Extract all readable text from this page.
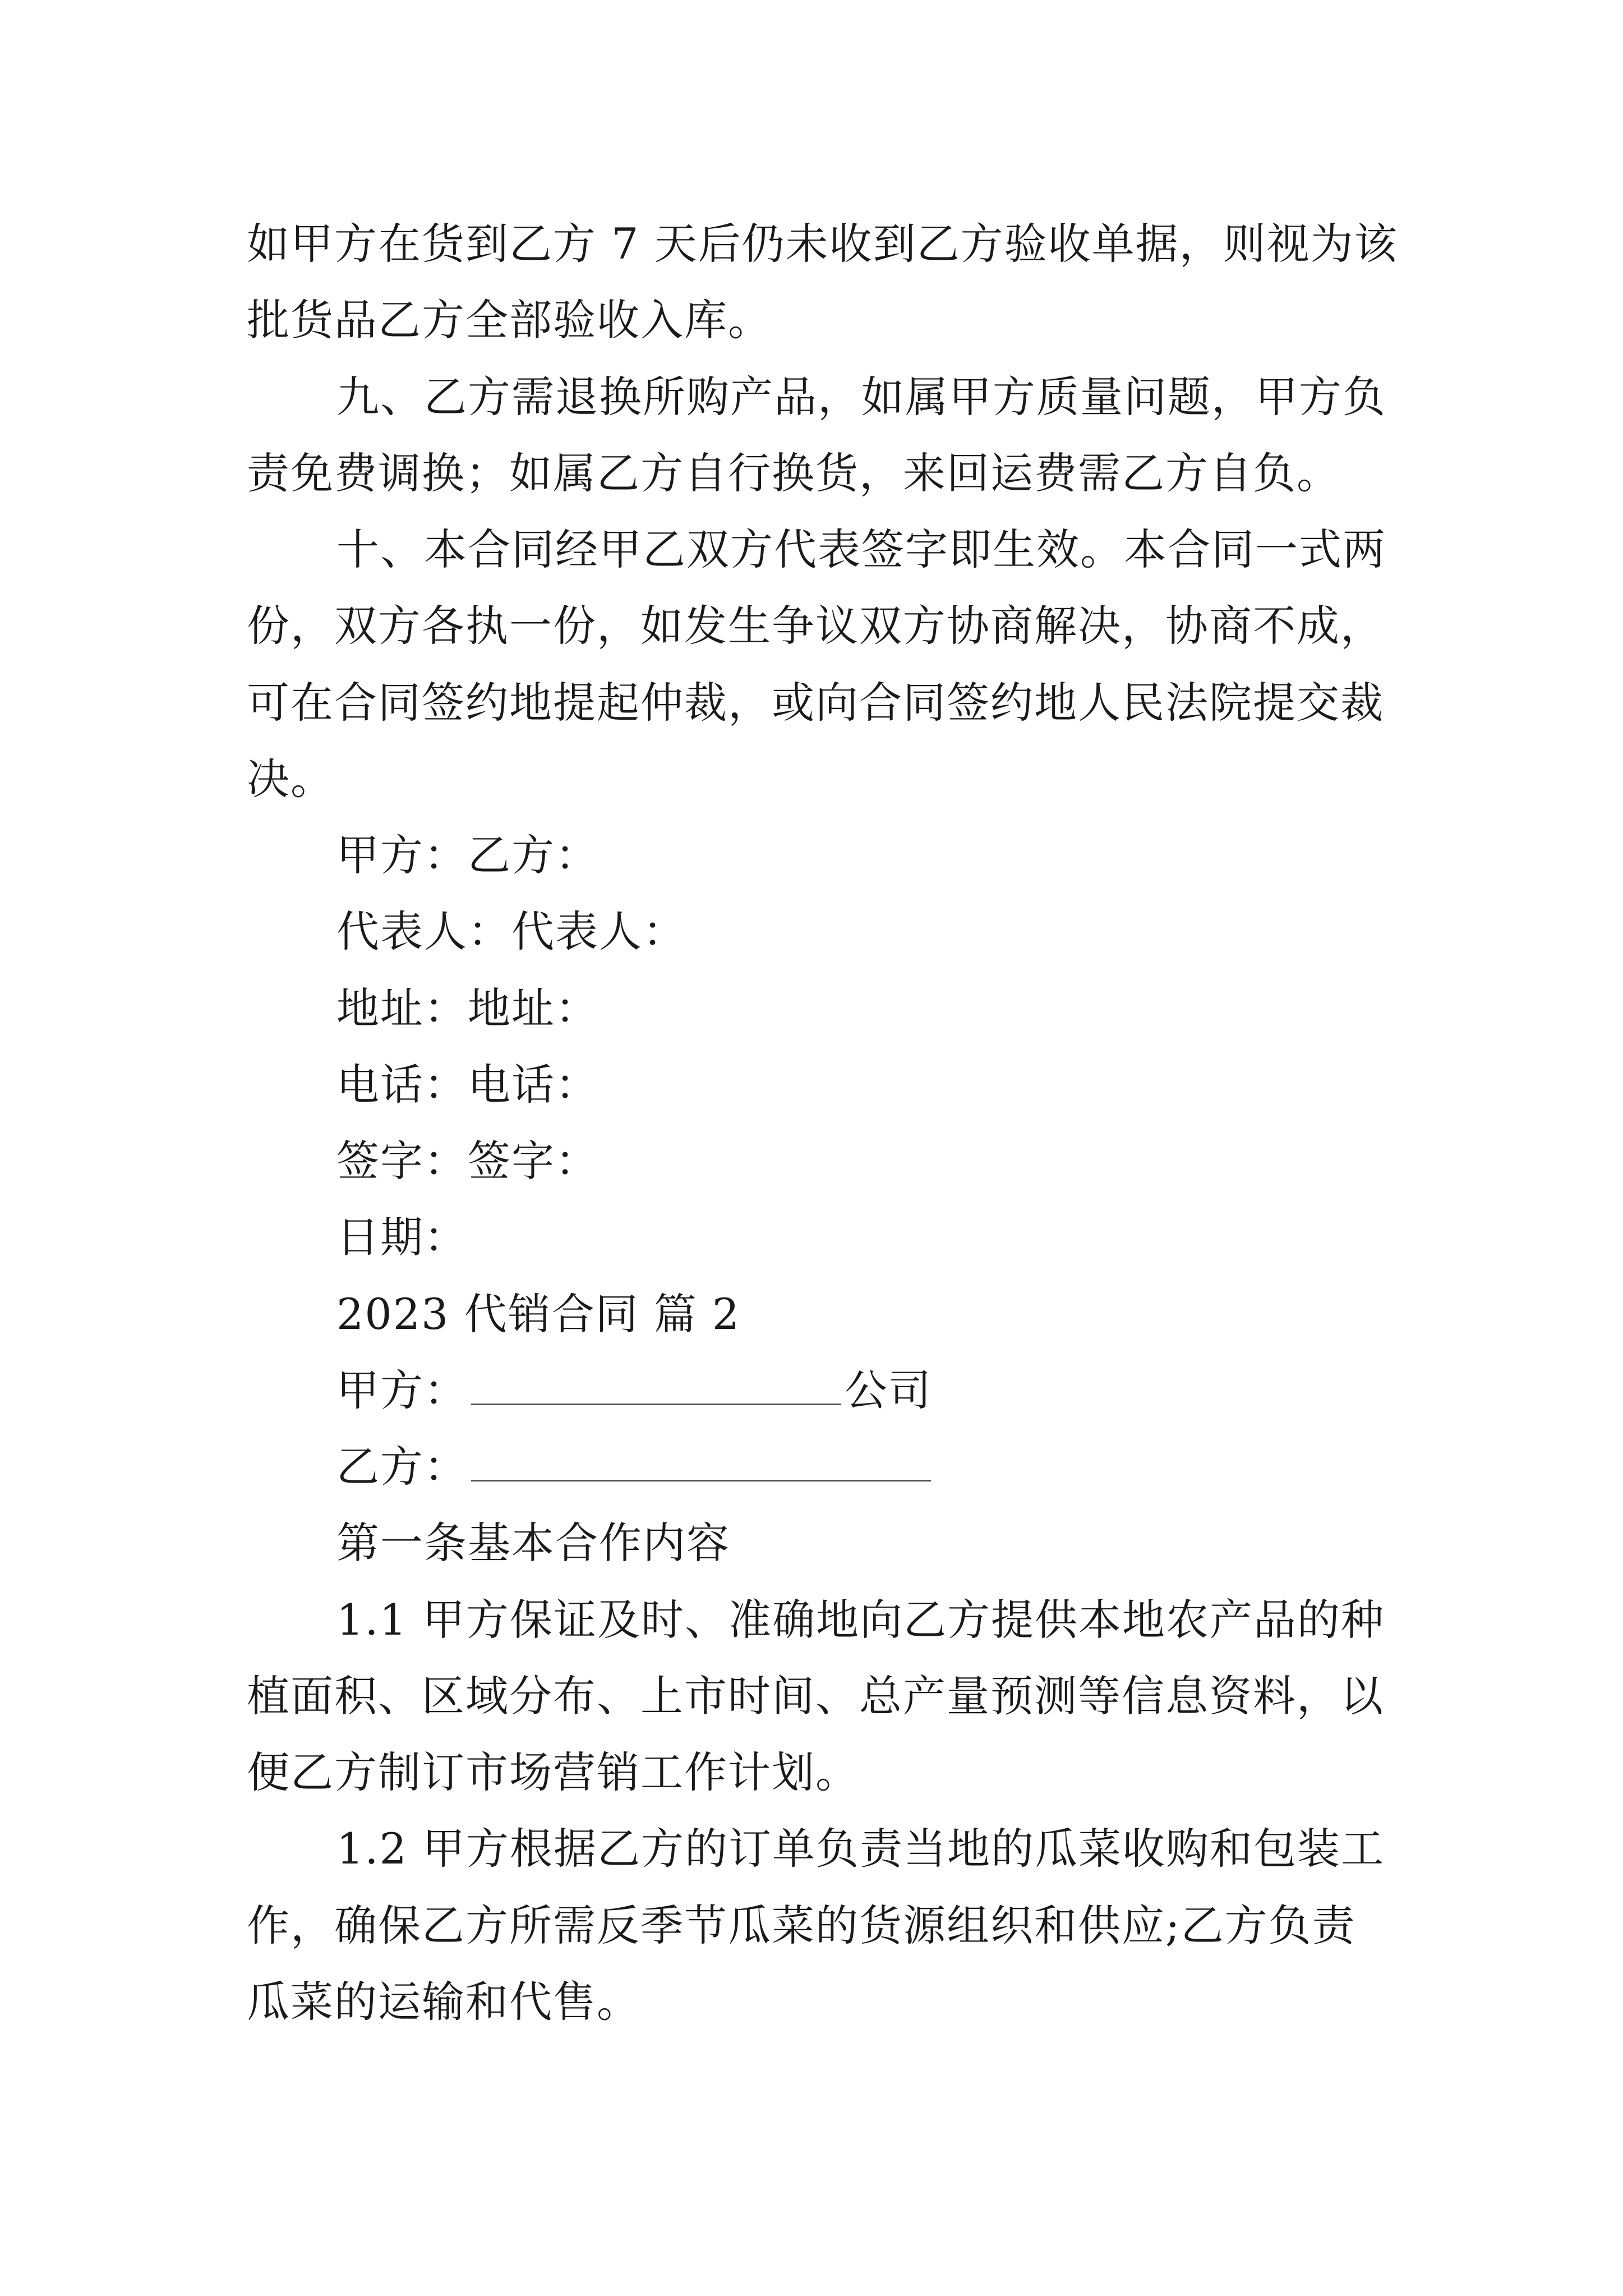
如甲方在货到乙方 7 天后仍未收到乙方验收单据，则视为该
批货品乙方全部验收入库。
九、乙方需退换所购产品，如属甲方质量问题，甲方负
责免费调换；如属乙方自行换货，来回运费需乙方自负。
十、本合同经甲乙双方代表签字即生效。本合同一式两
份，双方各执一份，如发生争议双方协商解决，协商不成，
可在合同签约地提起仲裁，或向合同签约地人民法院提交裁
决。
甲方：乙方：
代表人：代表人：
地址：地址：
电话：电话：
签字：签字：
日期：
2023 代销合同 篇 2
甲方：	公司
乙方：
第一条基本合作内容
1.1 甲方保证及时、准确地向乙方提供本地农产品的种
植面积、区域分布、上市时间、总产量预测等信息资料，以
便乙方制订市场营销工作计划。
1.2 甲方根据乙方的订单负责当地的瓜菜收购和包装工
作，确保乙方所需反季节瓜菜的货源组织和供应;乙方负责
瓜菜的运输和代售。
